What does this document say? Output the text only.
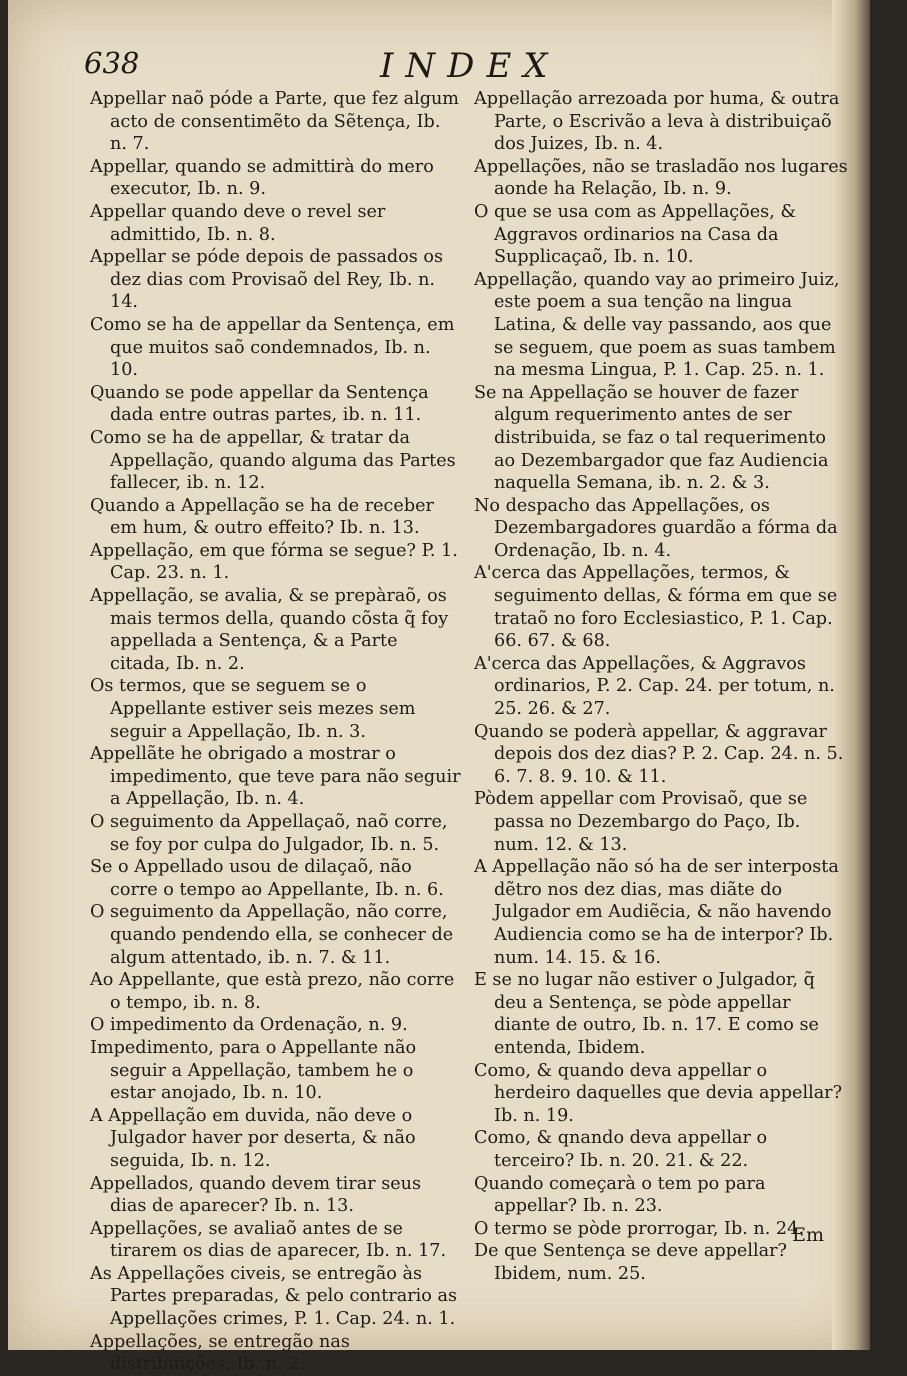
638	INDEX

Appellar naõ póde a Parte, que fez algum acto de consentimẽto da Sẽtença, Ib. n. 7.

Appellar, quando se admittirà do mero executor, Ib. n. 9.

Appellar quando deve o revel ser admittido, Ib. n. 8.

Appellar se póde depois de passados os dez dias com Provisaõ del Rey, Ib. n. 14.

Como se ha de appellar da Sentença, em que muitos saõ condemnados, Ib. n. 10.

Quando se pode appellar da Sentença dada entre outras partes, ib. n. 11.

Como se ha de appellar, & tratar da Appellação, quando alguma das Partes fallecer, ib. n. 12.

Quando a Appellação se ha de receber em hum, & outro effeito? Ib. n. 13.

Appellação, em que fórma se segue? P. 1. Cap. 23. n. 1.

Appellação, se avalia, & se prepàraõ, os mais termos della, quando cõsta q̃ foy appellada a Sentença, & a Parte citada, Ib. n. 2.

Os termos, que se seguem se o Appellante estiver seis mezes sem seguir a Appellação, Ib. n. 3.

Appellãte he obrigado a mostrar o impedimento, que teve para não seguir a Appellação, Ib. n. 4.

O seguimento da Appellaçaõ, naõ corre, se foy por culpa do Julgador, Ib. n. 5.

Se o Appellado usou de dilaçaõ, não corre o tempo ao Appellante, Ib. n. 6.

O seguimento da Appellação, não corre, quando pendendo ella, se conhecer de algum attentado, ib. n. 7. & 11.

Ao Appellante, que està prezo, não corre o tempo, ib. n. 8.

O impedimento da Ordenação, n. 9.

Impedimento, para o Appellante não seguir a Appellação, tambem he o estar anojado, Ib. n. 10.

A Appellação em duvida, não deve o Julgador haver por deserta, & não seguida, Ib. n. 12.

Appellados, quando devem tirar seus dias de aparecer? Ib. n. 13.

Appellações, se avaliaõ antes de se tirarem os dias de aparecer, Ib. n. 17.

As Appellações civeis, se entregão às Partes preparadas, & pelo contrario as Appellações crimes, P. 1. Cap. 24. n. 1.

Appellações, se entregão nas distribuições, Ib. n. 2.

Appellação arrezoada por huma, & outra Parte, o Escrivão a leva à distribuiçaõ dos Juizes, Ib. n. 4.

Appellações, não se trasladão nos lugares aonde ha Relação, Ib. n. 9.

O que se usa com as Appellações, & Aggravos ordinarios na Casa da Supplicaçaõ, Ib. n. 10.

Appellação, quando vay ao primeiro Juiz, este poem a sua tenção na lingua Latina, & delle vay passando, aos que se seguem, que poem as suas tambem na mesma Lingua, P. 1. Cap. 25. n. 1.

Se na Appellação se houver de fazer algum requerimento antes de ser distribuida, se faz o tal requerimento ao Dezembargador que faz Audiencia naquella Semana, ib. n. 2. & 3.

No despacho das Appellações, os Dezembargadores guardão a fórma da Ordenação, Ib. n. 4.

A'cerca das Appellações, termos, & seguimento dellas, & fórma em que se trataõ no foro Ecclesiastico, P. 1. Cap. 66. 67. & 68.

A'cerca das Appellações, & Aggravos ordinarios, P. 2. Cap. 24. per totum, n. 25. 26. & 27.

Quando se poderà appellar, & aggravar depois dos dez dias? P. 2. Cap. 24. n. 5. 6. 7. 8. 9. 10. & 11.

Pòdem appellar com Provisaõ, que se passa no Dezembargo do Paço, Ib. num. 12. & 13.

A Appellação não só ha de ser interposta dẽtro nos dez dias, mas diãte do Julgador em Audiẽcia, & não havendo Audiencia como se ha de interpor? Ib. num. 14. 15. & 16.

E se no lugar não estiver o Julgador, q̃ deu a Sentença, se pòde appellar diante de outro, Ib. n. 17. E como se entenda, Ibidem.

Como, & quando deva appellar o herdeiro daquelles que devia appellar? Ib. n. 19.

Como, & qnando deva appellar o terceiro? Ib. n. 20. 21. & 22.

Quando começarà o tem po para appellar? Ib. n. 23.

O termo se pòde prorrogar, Ib. n. 24.

De que Sentença se deve appellar? Ibidem, num. 25.

Em
